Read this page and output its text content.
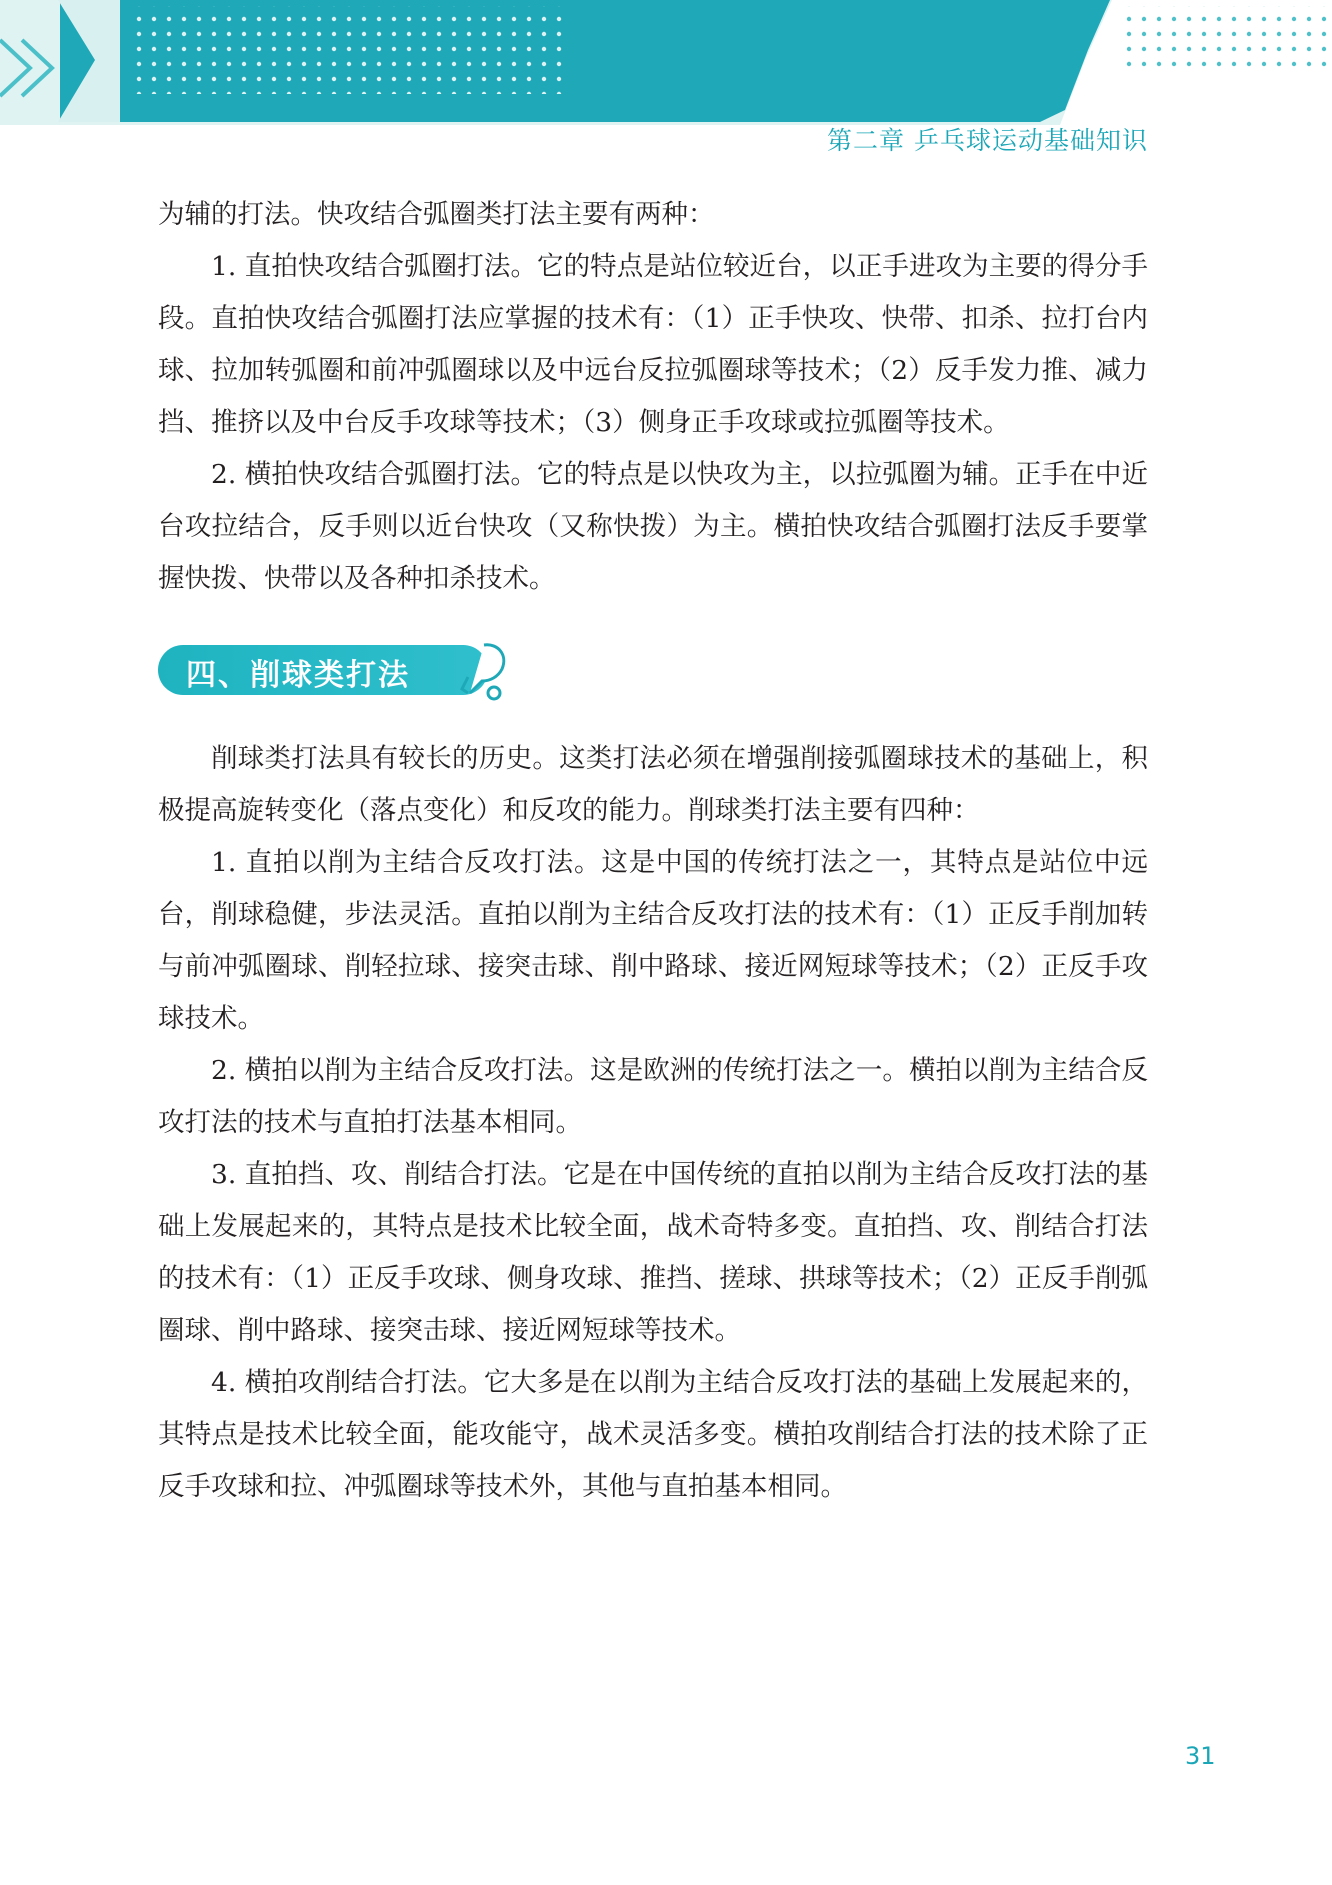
第二章 乒乓球运动基础知识

为辅的打法。快攻结合弧圈类打法主要有两种：

1. 直拍快攻结合弧圈打法。它的特点是站位较近台，以正手进攻为主要的得分手段。直拍快攻结合弧圈打法应掌握的技术有：（1）正手快攻、快带、扣杀、拉打台内球、拉加转弧圈和前冲弧圈球以及中远台反拉弧圈球等技术；（2）反手发力推、减力挡、推挤以及中台反手攻球等技术；（3）侧身正手攻球或拉弧圈等技术。

2. 横拍快攻结合弧圈打法。它的特点是以快攻为主，以拉弧圈为辅。正手在中近台攻拉结合，反手则以近台快攻（又称快拨）为主。横拍快攻结合弧圈打法反手要掌握快拨、快带以及各种扣杀技术。

四、削球类打法

削球类打法具有较长的历史。这类打法必须在增强削接弧圈球技术的基础上，积极提高旋转变化（落点变化）和反攻的能力。削球类打法主要有四种：

1. 直拍以削为主结合反攻打法。这是中国的传统打法之一，其特点是站位中远台，削球稳健，步法灵活。直拍以削为主结合反攻打法的技术有：（1）正反手削加转与前冲弧圈球、削轻拉球、接突击球、削中路球、接近网短球等技术；（2）正反手攻球技术。

2. 横拍以削为主结合反攻打法。这是欧洲的传统打法之一。横拍以削为主结合反攻打法的技术与直拍打法基本相同。

3. 直拍挡、攻、削结合打法。它是在中国传统的直拍以削为主结合反攻打法的基础上发展起来的，其特点是技术比较全面，战术奇特多变。直拍挡、攻、削结合打法的技术有：（1）正反手攻球、侧身攻球、推挡、搓球、拱球等技术；（2）正反手削弧圈球、削中路球、接突击球、接近网短球等技术。

4. 横拍攻削结合打法。它大多是在以削为主结合反攻打法的基础上发展起来的，其特点是技术比较全面，能攻能守，战术灵活多变。横拍攻削结合打法的技术除了正反手攻球和拉、冲弧圈球等技术外，其他与直拍基本相同。

31
